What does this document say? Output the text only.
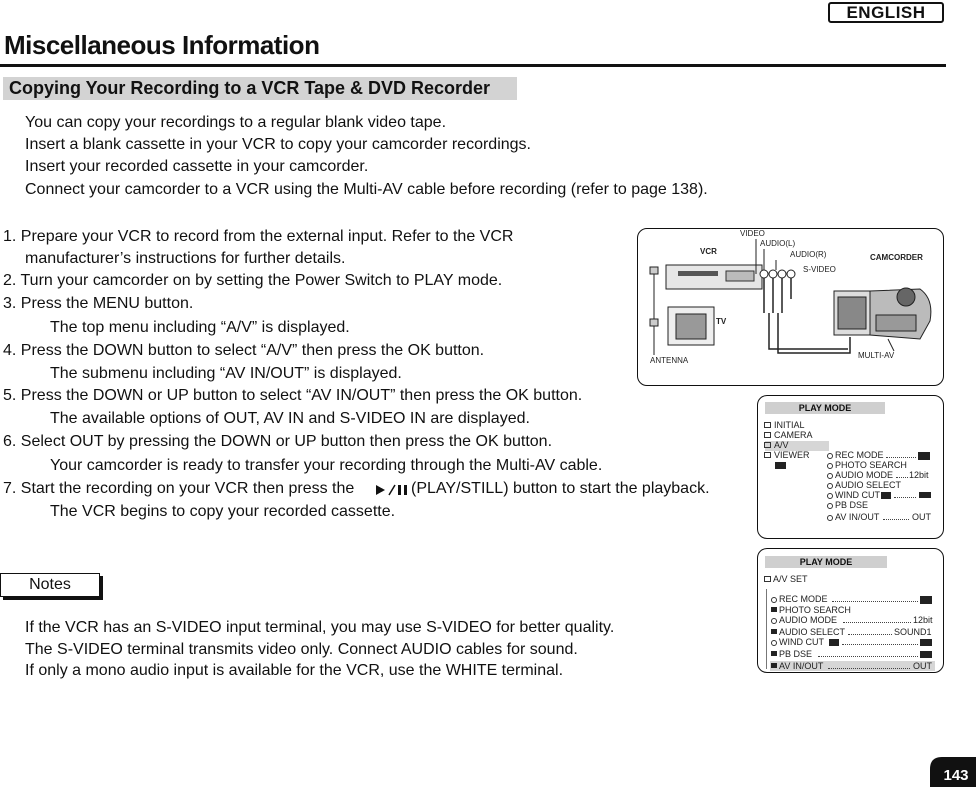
ENGLISH
Miscellaneous Information
Copying Your Recording to a VCR Tape & DVD Recorder
You can copy your recordings to a regular blank video tape.
Insert a blank cassette in your VCR to copy your camcorder recordings.
Insert your recorded cassette in your camcorder.
Connect your camcorder to a VCR using the Multi-AV cable before recording (refer to page 138).
1. Prepare your VCR to record from the external input. Refer to the VCR
manufacturer’s instructions for further details.
2. Turn your camcorder on by setting the Power Switch to PLAY mode.
3. Press the MENU button.
The top menu including “A/V” is displayed.
4. Press the DOWN button to select “A/V” then press the OK button.
The submenu including “AV IN/OUT” is displayed.
5. Press the DOWN or UP button to select “AV IN/OUT” then press the OK button.
The available options of OUT, AV IN and S-VIDEO IN are displayed.
6. Select OUT by pressing the DOWN or UP button then press the OK button.
Your camcorder is ready to transfer your recording through the Multi-AV cable.
7. Start the recording on your VCR then press the	(PLAY/STILL) button to start the playback.
The VCR begins to copy your recorded cassette.
Notes
If the VCR has an S-VIDEO input terminal, you may use S-VIDEO for better quality.
The S-VIDEO terminal transmits video only. Connect AUDIO cables for sound.
If only a mono audio input is available for the VCR, use the WHITE terminal.
VIDEO
AUDIO(L)
AUDIO(R)
S-VIDEO
VCR
TV
CAMCORDER
ANTENNA
MULTI-AV
PLAY MODE
INITIAL
CAMERA
A/V
VIEWER	REC MODE
PHOTO SEARCH
AUDIO MODE 12bit
AUDIO SELECT
WIND CUT
PB DSE
AV IN/OUT	OUT
PLAY MODE
A/V SET
REC MODE
PHOTO SEARCH
AUDIO MODE	12bit
AUDIO SELECT	SOUND1
WIND CUT
PB DSE
AV IN/OUT	OUT
143
